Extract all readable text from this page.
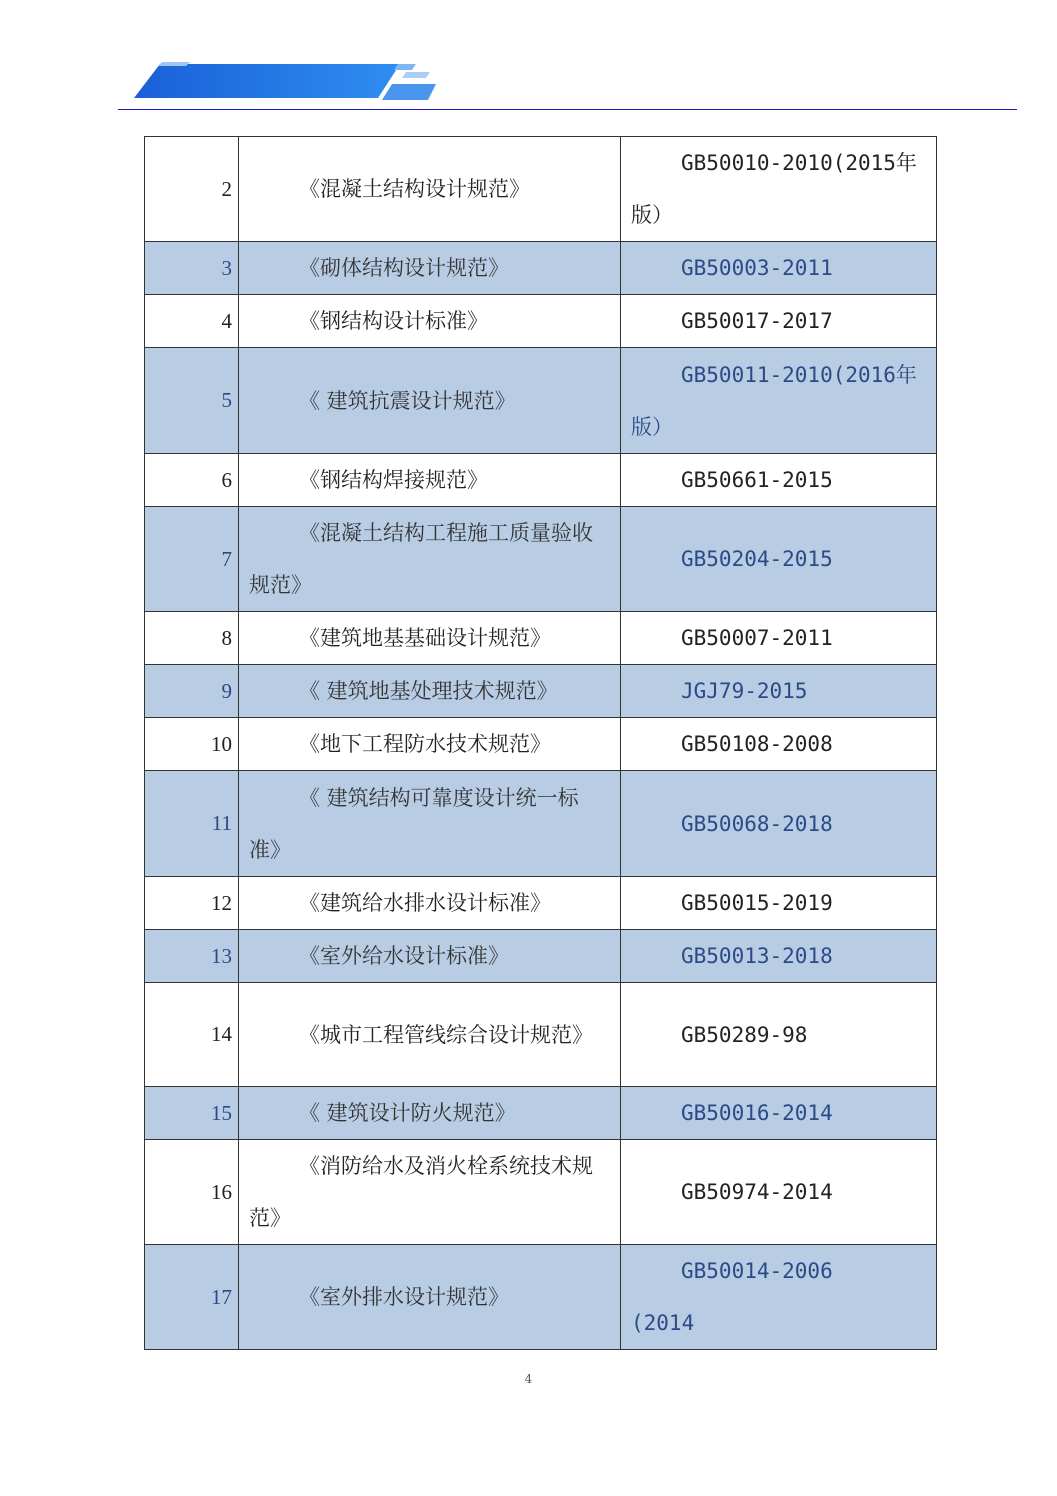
2	《混凝土结构设计规范》	GB50010-2010(2015年版）
3	《砌体结构设计规范》	GB50003-2011
4	《钢结构设计标准》	GB50017-2017
5	《 建筑抗震设计规范》	GB50011-2010(2016年版）
6	《钢结构焊接规范》	GB50661-2015
7	《混凝土结构工程施工质量验收规范》	GB50204-2015
8	《建筑地基基础设计规范》	GB50007-2011
9	《 建筑地基处理技术规范》	JGJ79-2015
10	《地下工程防水技术规范》	GB50108-2008
11	《 建筑结构可靠度设计统一标准》	GB50068-2018
12	《建筑给水排水设计标准》	GB50015-2019
13	《室外给水设计标准》	GB50013-2018
14	《城市工程管线综合设计规范》	GB50289-98
15	《 建筑设计防火规范》	GB50016-2014
16	《消防给水及消火栓系统技术规范》	GB50974-2014
17	《室外排水设计规范》	GB50014-2006    (2014
4
